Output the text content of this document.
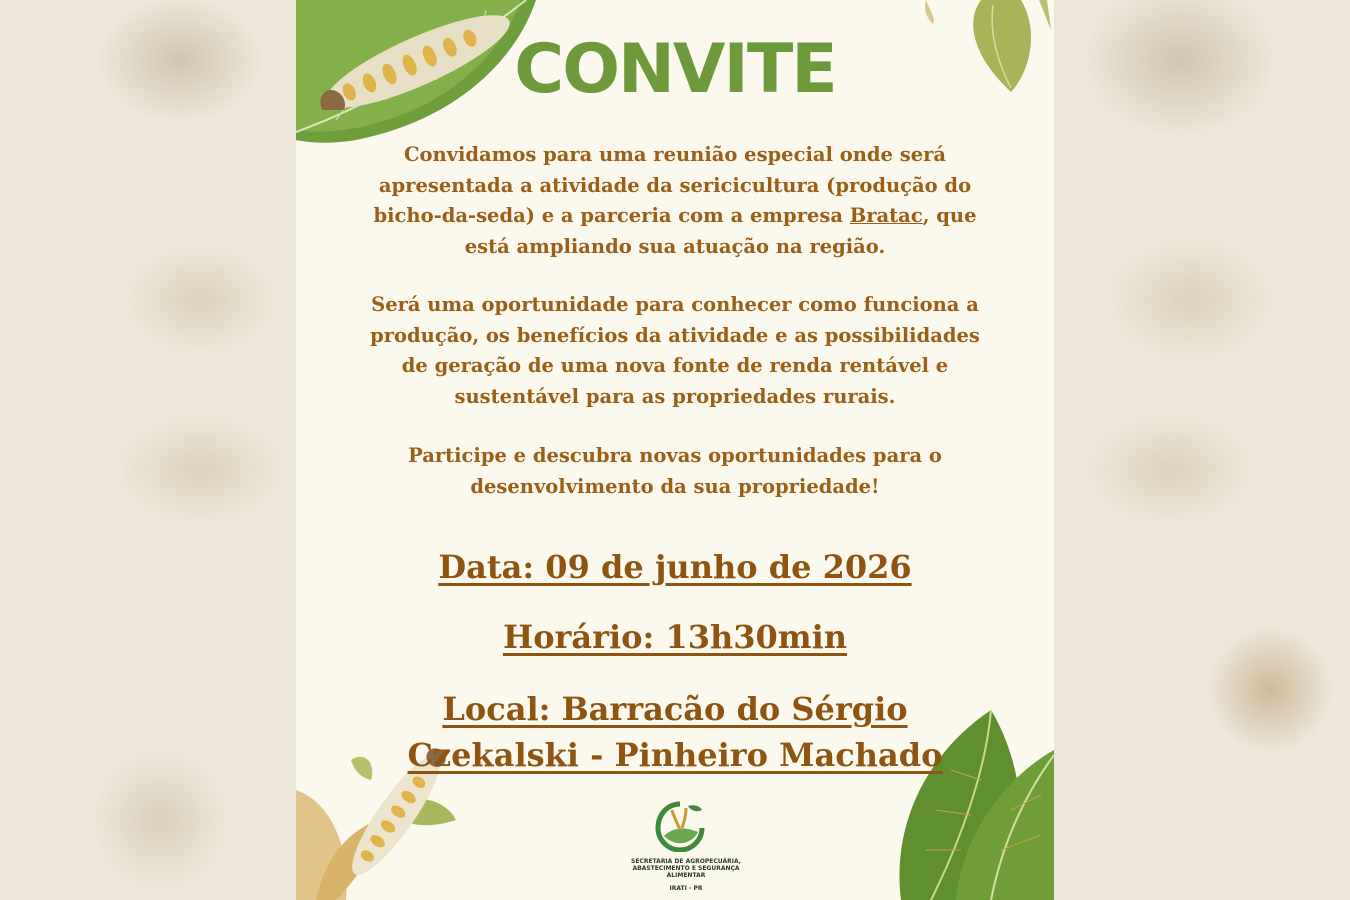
CONVITE
Convidamos para uma reunião especial onde será apresentada a atividade da sericicultura (produção do bicho-da-seda) e a parceria com a empresa Bratac, que está ampliando sua atuação na região.
Será uma oportunidade para conhecer como funciona a produção, os benefícios da atividade e as possibilidades de geração de uma nova fonte de renda rentável e sustentável para as propriedades rurais.
Participe e descubra novas oportunidades para o desenvolvimento da sua propriedade!
Data: 09 de junho de 2026
Horário: 13h30min
Local: Barracão do Sérgio
Czekalski - Pinheiro Machado
SECRETARIA DE AGROPECUÁRIA, ABASTECIMENTO E SEGURANÇA ALIMENTAR
IRATI - PR
